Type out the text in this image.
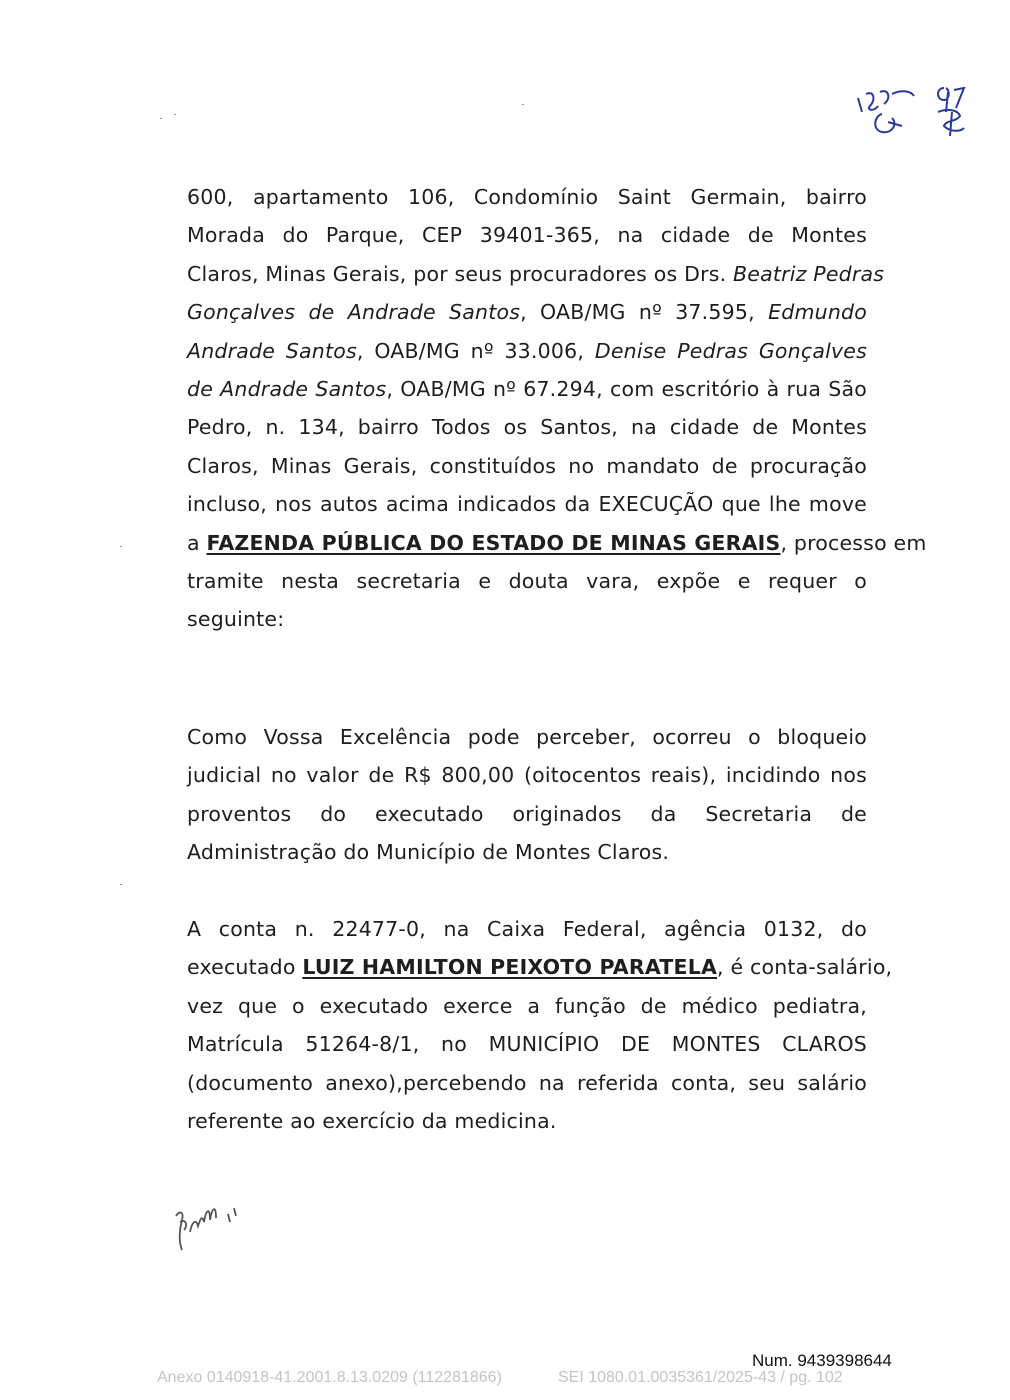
600, apartamento 106, Condomínio Saint Germain, bairro
Morada do Parque, CEP 39401-365, na cidade de Montes
Claros, Minas Gerais, por seus procuradores os Drs. Beatriz Pedras
Gonçalves de Andrade Santos, OAB/MG nº 37.595, Edmundo
Andrade Santos, OAB/MG nº 33.006, Denise Pedras Gonçalves
de Andrade Santos, OAB/MG nº 67.294, com escritório à rua São
Pedro, n. 134, bairro Todos os Santos, na cidade de Montes
Claros, Minas Gerais, constituídos no mandato de procuração
incluso, nos autos acima indicados da EXECUÇÃO que lhe move
a FAZENDA PÚBLICA DO ESTADO DE MINAS GERAIS, processo em
tramite nesta secretaria e douta vara, expõe e requer o
seguinte:
Como Vossa Excelência pode perceber, ocorreu o bloqueio
judicial no valor de R$ 800,00 (oitocentos reais), incidindo nos
proventos do executado originados da Secretaria de
Administração do Município de Montes Claros.
A conta n. 22477-0, na Caixa Federal, agência 0132, do
executado LUIZ HAMILTON PEIXOTO PARATELA, é conta-salário,
vez que o executado exerce a função de médico pediatra,
Matrícula 51264-8/1, no MUNICÍPIO DE MONTES CLAROS
(documento anexo),percebendo na referida conta, seu salário
referente ao exercício da medicina.
Num. 9439398644
Anexo 0140918-41.2001.8.13.0209 (112281866)	SEI 1080.01.0035361/2025-43 / pg. 102
